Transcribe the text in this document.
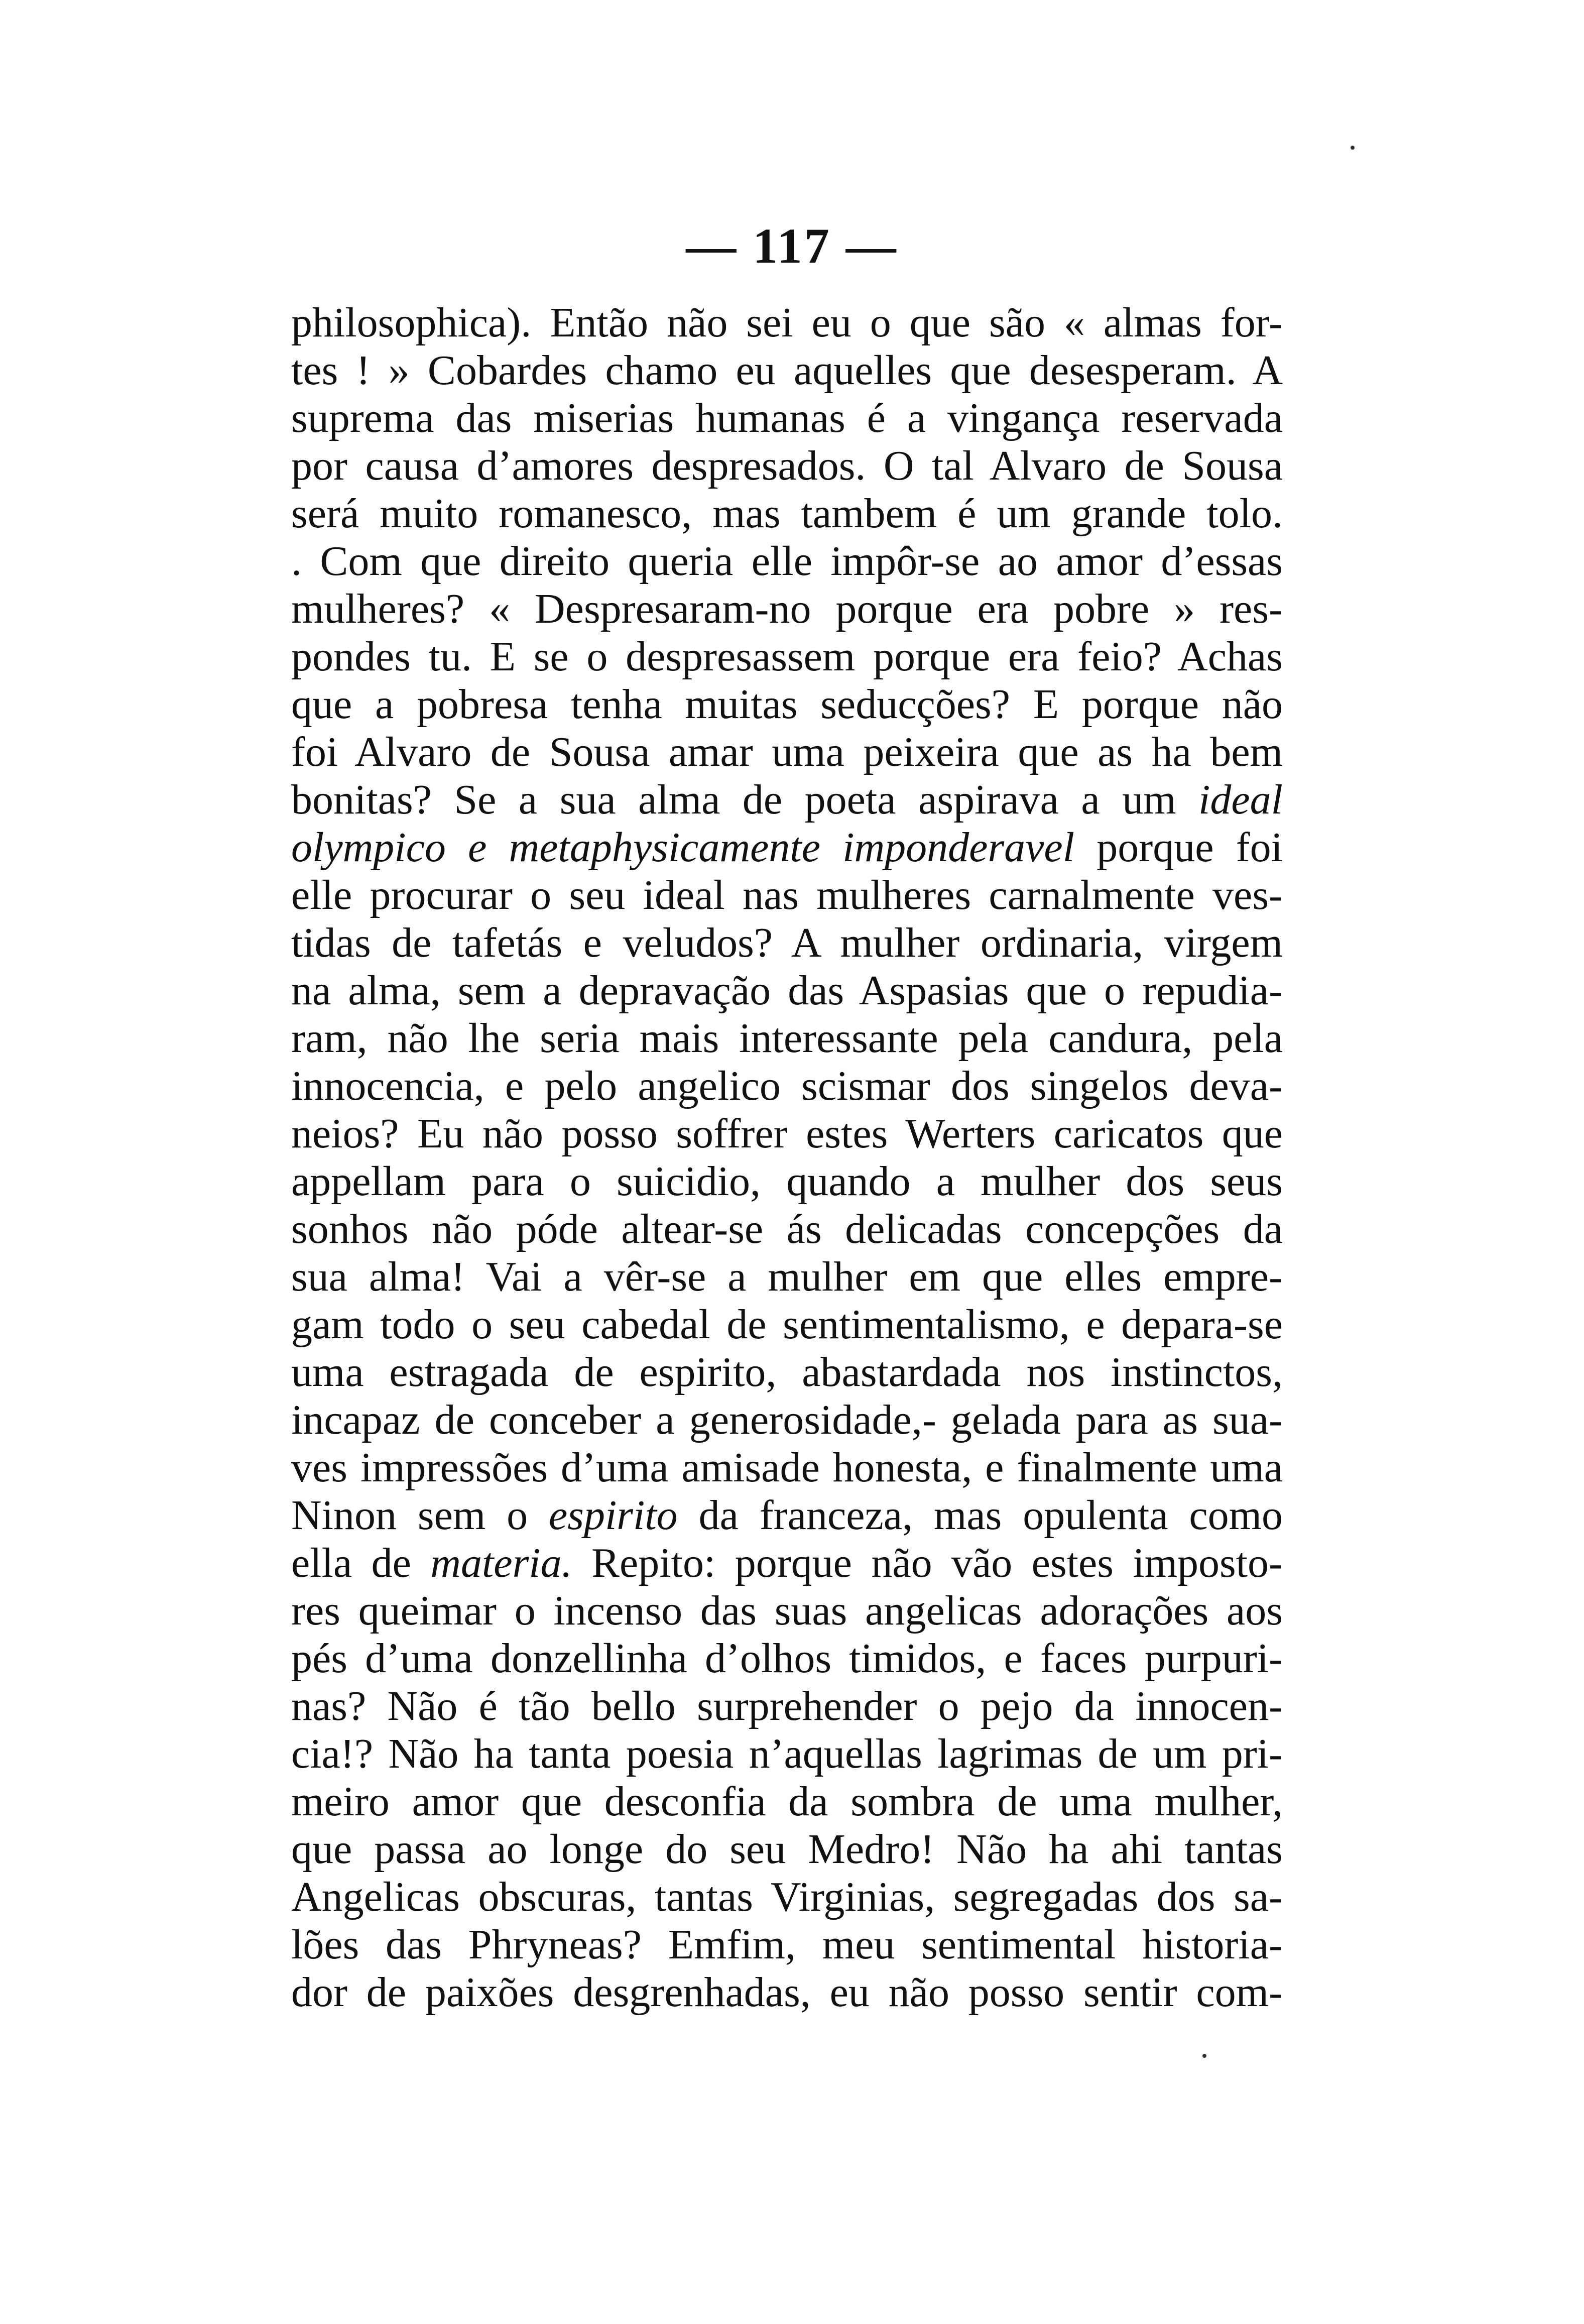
— 117 —
philosophica). Então não sei eu o que são « almas for-
tes ! » Cobardes chamo eu aquelles que desesperam. A
suprema das miserias humanas é a vingança reservada
por causa d’amores despresados. O tal Alvaro de Sousa
será muito romanesco, mas tambem é um grande tolo.
. Com que direito queria elle impôr-se ao amor d’essas
mulheres? « Despresaram-no porque era pobre » res-
pondes tu. E se o despresassem porque era feio? Achas
que a pobresa tenha muitas seducções? E porque não
foi Alvaro de Sousa amar uma peixeira que as ha bem
bonitas? Se a sua alma de poeta aspirava a um ideal
olympico e metaphysicamente imponderavel porque foi
elle procurar o seu ideal nas mulheres carnalmente ves-
tidas de tafetás e veludos? A mulher ordinaria, virgem
na alma, sem a depravação das Aspasias que o repudia-
ram, não lhe seria mais interessante pela candura, pela
innocencia, e pelo angelico scismar dos singelos deva-
neios? Eu não posso soffrer estes Werters caricatos que
appellam para o suicidio, quando a mulher dos seus
sonhos não póde altear-se ás delicadas concepções da
sua alma! Vai a vêr-se a mulher em que elles empre-
gam todo o seu cabedal de sentimentalismo, e depara-se
uma estragada de espirito, abastardada nos instinctos,
incapaz de conceber a generosidade,- gelada para as sua-
ves impressões d’uma amisade honesta, e finalmente uma
Ninon sem o espirito da franceza, mas opulenta como
ella de materia. Repito: porque não vão estes imposto-
res queimar o incenso das suas angelicas adorações aos
pés d’uma donzellinha d’olhos timidos, e faces purpuri-
nas? Não é tão bello surprehender o pejo da innocen-
cia!? Não ha tanta poesia n’aquellas lagrimas de um pri-
meiro amor que desconfia da sombra de uma mulher,
que passa ao longe do seu Medro! Não ha ahi tantas
Angelicas obscuras, tantas Virginias, segregadas dos sa-
lões das Phryneas? Emfim, meu sentimental historia-
dor de paixões desgrenhadas, eu não posso sentir com-
